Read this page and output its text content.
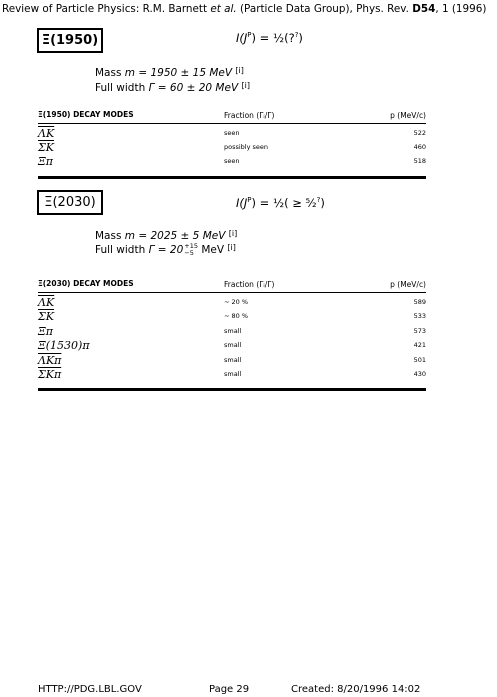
Review of Particle Physics: R.M. Barnett et al. (Particle Data Group), Phys. Rev. D54, 1 (1996)
Ξ(1950)	$I(J^P)$ = ½(??)
Mass m = 1950 ± 15 MeV [i]
Full width Γ = 60 ± 20 MeV [i]
Ξ(1950) DECAY MODES	Fraction (Γᵢ/Γ)	p (MeV/c)
$\overline{\Lambda K}$	seen	522
$\overline{\Sigma K}$	possibly seen	460
Ξπ	seen	518
Ξ(2030)	$I(J^P)$ = ½( ≥ ⁵⁄₂?)
Mass m = 2025 ± 5 MeV [i]
Full width Γ = 20 +15
−5 MeV [i]
Ξ(2030) DECAY MODES	Fraction (Γᵢ/Γ)	p (MeV/c)
$\overline{\Lambda K}$	∼ 20 %	589
$\overline{\Sigma K}$	∼ 80 %	533
Ξπ	small	573
Ξ(1530)π	small	421
$\overline{\Lambda K\pi}$	small	501
$\overline{\Sigma K\pi}$	small	430
HTTP://PDG.LBL.GOV	Page 29	Created: 8/20/1996 14:02
